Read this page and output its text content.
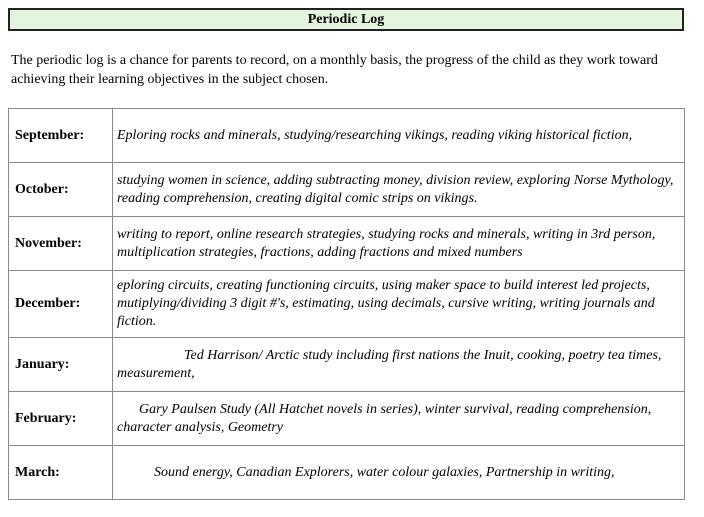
Periodic Log
The periodic log is a chance for parents to record, on a monthly basis, the progress of the child as they work toward achieving their learning objectives in the subject chosen.
September:	Eploring rocks and minerals, studying/researching vikings, reading viking historical fiction,
October:	studying women in science, adding subtracting money, division review, exploring Norse Mythology, reading comprehension, creating digital comic strips on vikings.
November:	writing to report, online research strategies, studying rocks and minerals, writing in 3rd person, multiplication strategies, fractions, adding fractions and mixed numbers
December:	eploring circuits, creating functioning circuits, using maker space to build interest led projects, mutiplying/dividing 3 digit #'s, estimating, using decimals, cursive writing, writing journals and fiction.
January:	Ted Harrison/ Arctic study including first nations the Inuit, cooking, poetry tea times, measurement,
February:	Gary Paulsen Study (All Hatchet novels in series), winter survival, reading comprehension, character analysis, Geometry
March:	Sound energy, Canadian Explorers, water colour galaxies, Partnership in writing,
